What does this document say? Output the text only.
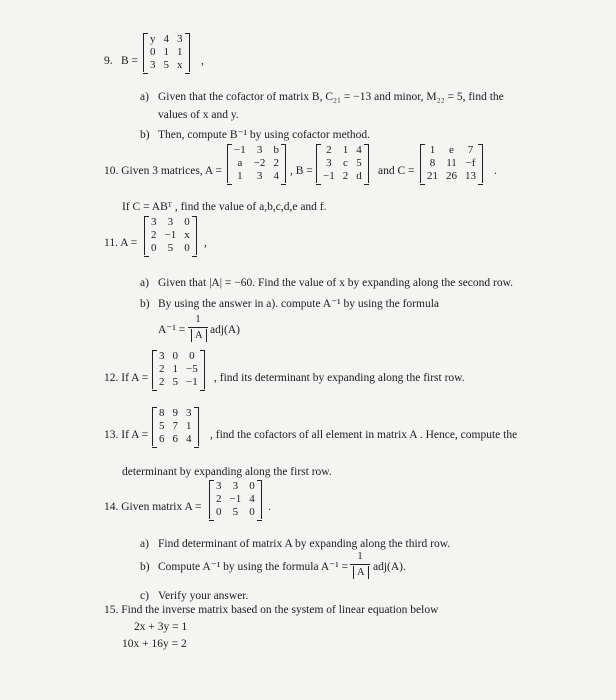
9. B =
y	4	3
0	1	1
3	5	x ,
a) Given that the cofactor of matrix B, C₂₁ = −13 and minor, M₂₂ = 5, find the
values of x and y.
b) Then, compute B⁻¹ by using cofactor method.
10. Given 3 matrices, A =
−1	3	b
a	−2	2
1	3	4 , B =
2	1	4
3	c	5
−1	2	d and C =
1	e	7
8	11	−f
21	26	13 .
If C = ABᵀ , find the value of a,b,c,d,e and f.
11. A =
3	3	0
2	−1	x
0	5	0 ,
a) Given that |A| = −60. Find the value of x by expanding along the second row.
b) By using the answer in a). compute A⁻¹ by using the formula
A⁻¹ =
1
A adj(A)
12. If A =
3	0	0
2	1	−5
2	5	−1 , find its determinant by expanding along the first row.
13. If A =
8	9	3
5	7	1
6	6	4 , find the cofactors of all element in matrix A . Hence, compute the
determinant by expanding along the first row.
14. Given matrix A =
3	3	0
2	−1	4
0	5	0 .
a) Find determinant of matrix A by expanding along the third row.
b) Compute A⁻¹ by using the formula A⁻¹ =
1
A adj(A).
c) Verify your answer.
15. Find the inverse matrix based on the system of linear equation below
2x + 3y = 1
10x + 16y = 2
